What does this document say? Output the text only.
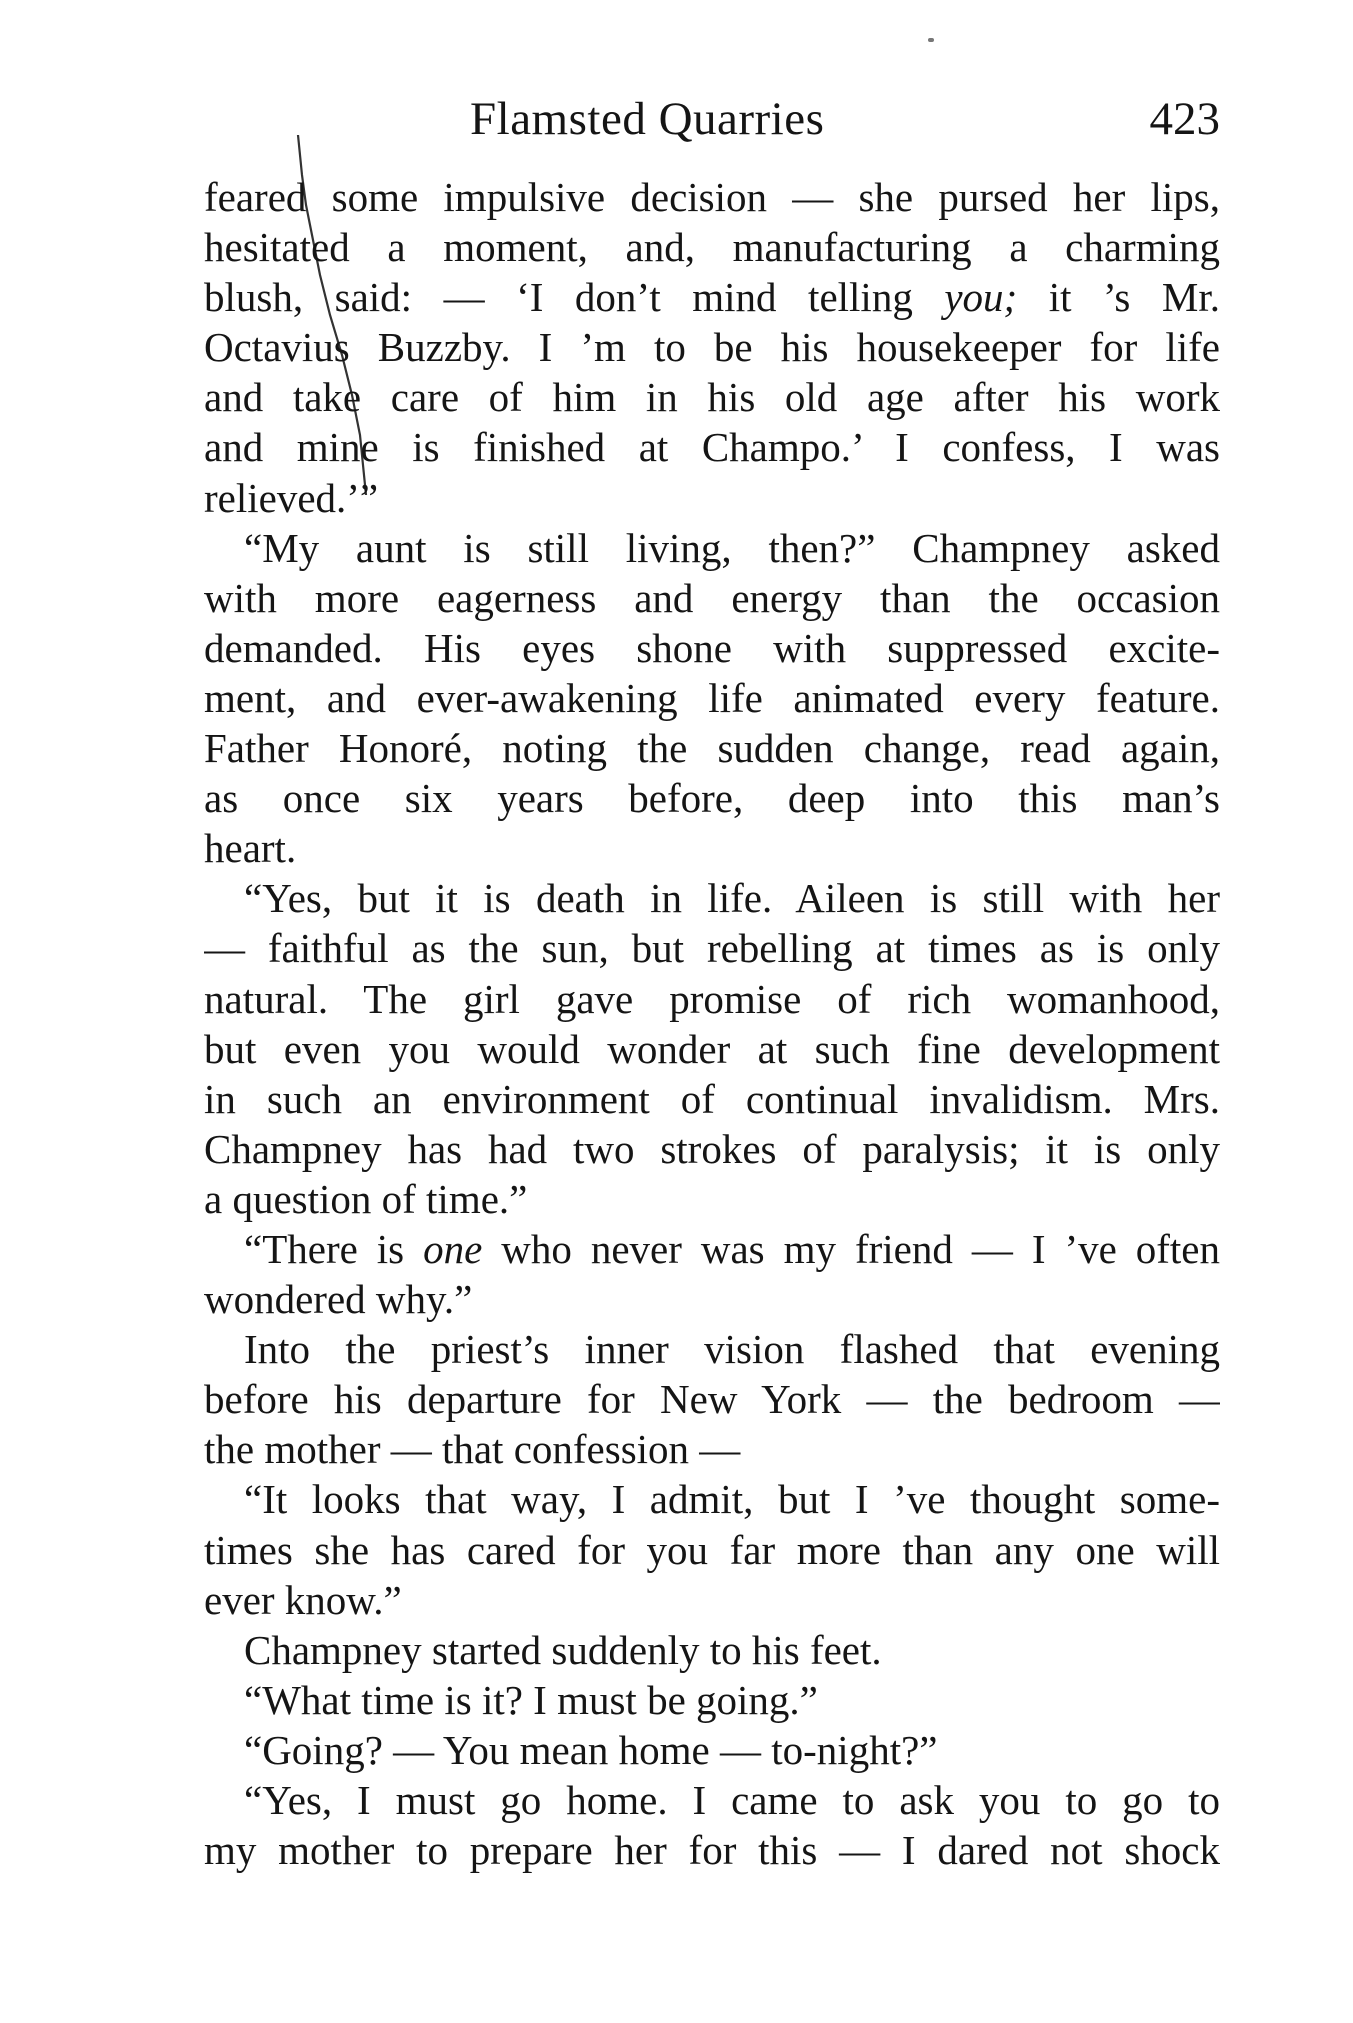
Flamsted Quarries	423
feared some impulsive decision — she pursed her lips,
hesitated a moment, and, manufacturing a charming
blush, said: — ‘I don’t mind telling you; it ’s Mr.
Octavius Buzzby. I ’m to be his housekeeper for life
and take care of him in his old age after his work
and mine is finished at Champo.’ I confess, I was
relieved.’”
“My aunt is still living, then?” Champney asked
with more eagerness and energy than the occasion
demanded. His eyes shone with suppressed excite-
ment, and ever-awakening life animated every feature.
Father Honoré, noting the sudden change, read again,
as once six years before, deep into this man’s
heart.
“Yes, but it is death in life. Aileen is still with her
— faithful as the sun, but rebelling at times as is only
natural. The girl gave promise of rich womanhood,
but even you would wonder at such fine development
in such an environment of continual invalidism. Mrs.
Champney has had two strokes of paralysis; it is only
a question of time.”
“There is one who never was my friend — I ’ve often
wondered why.”
Into the priest’s inner vision flashed that evening
before his departure for New York — the bedroom —
the mother — that confession —
“It looks that way, I admit, but I ’ve thought some-
times she has cared for you far more than any one will
ever know.”
Champney started suddenly to his feet.
“What time is it? I must be going.”
“Going? — You mean home — to-night?”
“Yes, I must go home. I came to ask you to go to
my mother to prepare her for this — I dared not shock
